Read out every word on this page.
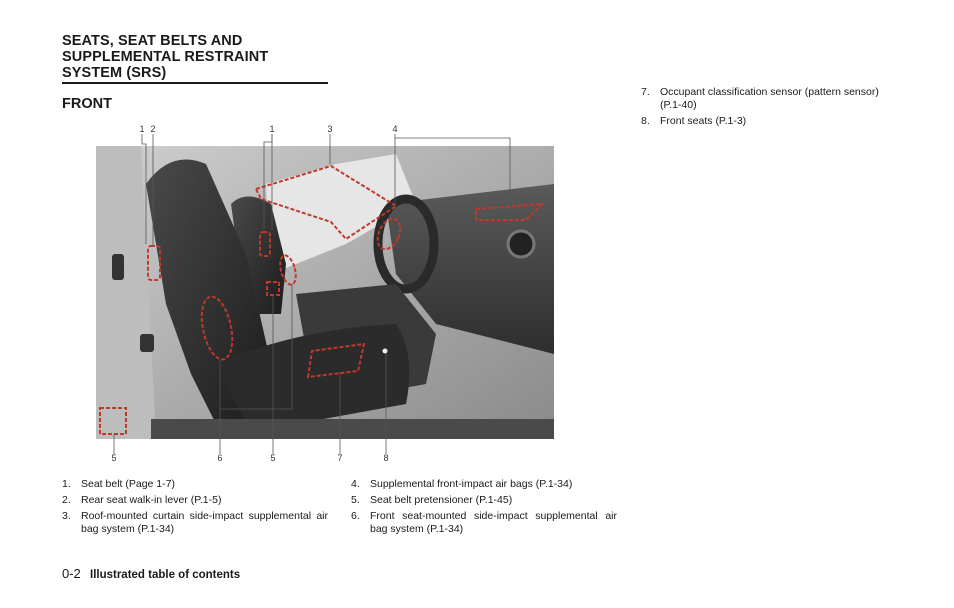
SEATS, SEAT BELTS AND SUPPLEMENTAL RESTRAINT SYSTEM (SRS)
FRONT
1 2	1	3	4
5	6	5	7	8
1. Seat belt (Page 1-7)
2. Rear seat walk-in lever (P.1-5)
3. Roof-mounted curtain side-impact supplemental air bag system (P.1-34)
4. Supplemental front-impact air bags (P.1-34)
5. Seat belt pretensioner (P.1-45)
6. Front seat-mounted side-impact supplemental air bag system (P.1-34)
7. Occupant classification sensor (pattern sensor) (P.1-40)
8. Front seats (P.1-3)
0-2 Illustrated table of contents
